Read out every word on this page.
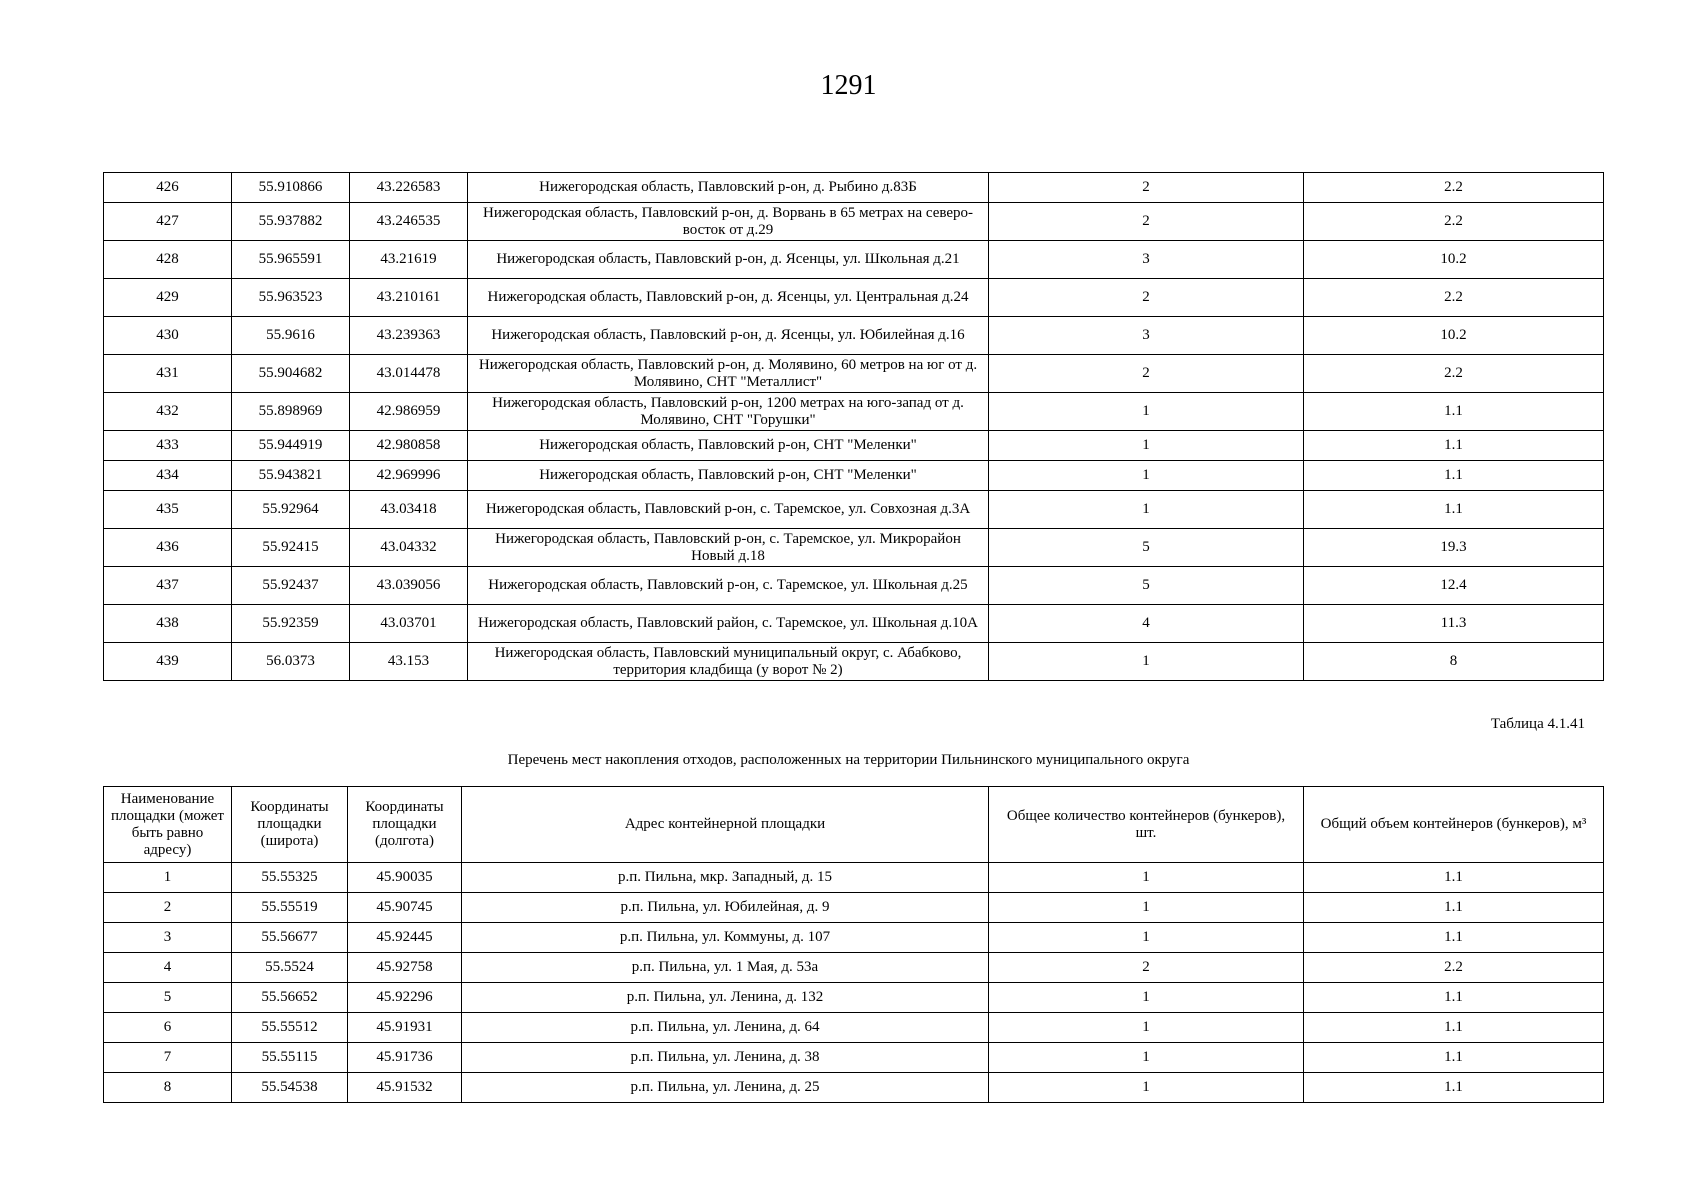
1291
426	55.910866	43.226583	Нижегородская область, Павловский р-он, д. Рыбино д.83Б	2	2.2
427	55.937882	43.246535	Нижегородская область, Павловский р-он, д. Ворвань в 65 метрах на северо-восток от д.29	2	2.2
428	55.965591	43.21619	Нижегородская область, Павловский р-он, д. Ясенцы, ул. Школьная д.21	3	10.2
429	55.963523	43.210161	Нижегородская область, Павловский р-он, д. Ясенцы, ул. Центральная д.24	2	2.2
430	55.9616	43.239363	Нижегородская область, Павловский р-он, д. Ясенцы, ул. Юбилейная д.16	3	10.2
431	55.904682	43.014478	Нижегородская область, Павловский р-он, д. Молявино, 60 метров на юг от д. Молявино, СНТ "Металлист"	2	2.2
432	55.898969	42.986959	Нижегородская область, Павловский р-он, 1200 метрах на юго-запад от д. Молявино, СНТ "Горушки"	1	1.1
433	55.944919	42.980858	Нижегородская область, Павловский р-он, СНТ "Меленки"	1	1.1
434	55.943821	42.969996	Нижегородская область, Павловский р-он, СНТ "Меленки"	1	1.1
435	55.92964	43.03418	Нижегородская область, Павловский р-он, с. Таремское, ул. Совхозная д.3А	1	1.1
436	55.92415	43.04332	Нижегородская область, Павловский р-он, с. Таремское, ул. Микрорайон Новый д.18	5	19.3
437	55.92437	43.039056	Нижегородская область, Павловский р-он, с. Таремское, ул. Школьная д.25	5	12.4
438	55.92359	43.03701	Нижегородская область, Павловский район, с. Таремское, ул. Школьная д.10А	4	11.3
439	56.0373	43.153	Нижегородская область, Павловский муниципальный округ, с. Абабково, территория кладбища (у ворот № 2)	1	8
Таблица 4.1.41
Перечень мест накопления отходов, расположенных на территории Пильнинского муниципального округа
Наименование площадки (может быть равно адресу)	Координаты площадки (широта)	Координаты площадки (долгота)	Адрес контейнерной площадки	Общее количество контейнеров (бункеров), шт.	Общий объем контейнеров (бункеров), м³
1	55.55325	45.90035	р.п. Пильна, мкр. Западный, д. 15	1	1.1
2	55.55519	45.90745	р.п. Пильна, ул. Юбилейная, д. 9	1	1.1
3	55.56677	45.92445	р.п. Пильна, ул. Коммуны, д. 107	1	1.1
4	55.5524	45.92758	р.п. Пильна, ул. 1 Мая, д. 53а	2	2.2
5	55.56652	45.92296	р.п. Пильна, ул. Ленина, д. 132	1	1.1
6	55.55512	45.91931	р.п. Пильна, ул. Ленина, д. 64	1	1.1
7	55.55115	45.91736	р.п. Пильна, ул. Ленина, д. 38	1	1.1
8	55.54538	45.91532	р.п. Пильна, ул. Ленина, д. 25	1	1.1
